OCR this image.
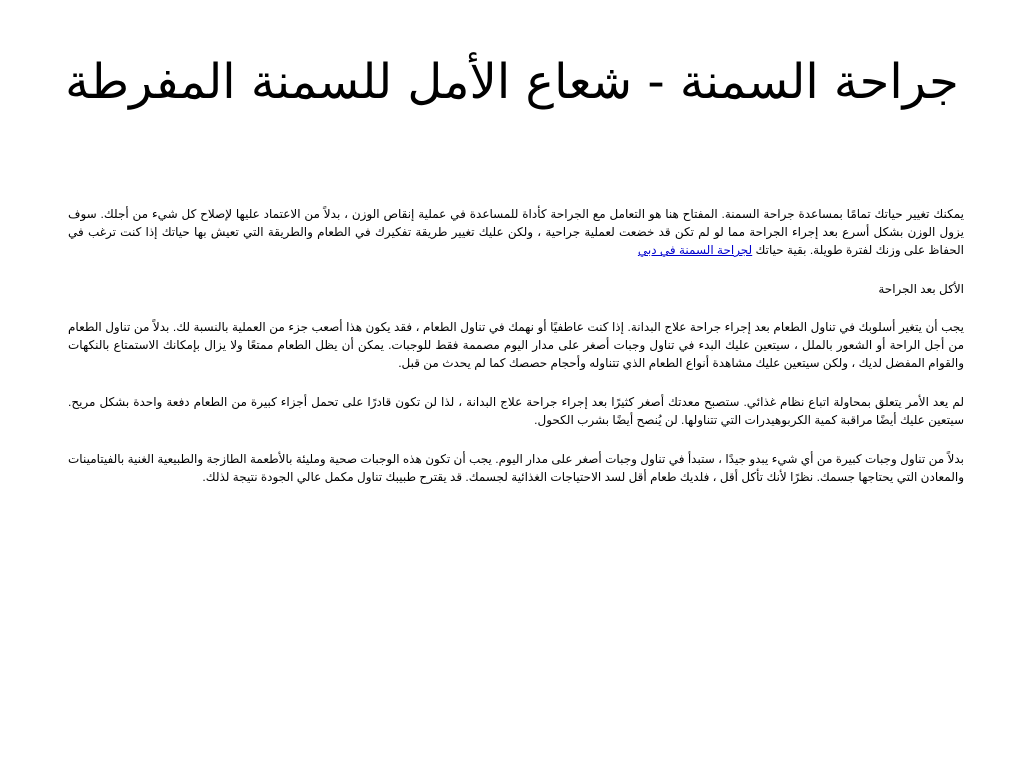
جراحة السمنة - شعاع الأمل للسمنة المفرطة

يمكنك تغيير حياتك تمامًا بمساعدة جراحة السمنة. المفتاح هنا هو التعامل مع الجراحة كأداة للمساعدة في عملية إنقاص الوزن ، بدلاً من الاعتماد عليها لإصلاح كل شيء من أجلك. سوف يزول الوزن بشكل أسرع بعد إجراء الجراحة مما لو لم تكن قد خضعت لعملية جراحية ، ولكن عليك تغيير طريقة تفكيرك في الطعام والطريقة التي تعيش بها حياتك إذا كنت ترغب في الحفاظ على وزنك لفترة طويلة. بقية حياتك لجراحة السمنة في دبي

الأكل بعد الجراحة

يجب أن يتغير أسلوبك في تناول الطعام بعد إجراء جراحة علاج البدانة. إذا كنت عاطفيًا أو نهمك في تناول الطعام ، فقد يكون هذا أصعب جزء من العملية بالنسبة لك. بدلاً من تناول الطعام من أجل الراحة أو الشعور بالملل ، سيتعين عليك البدء في تناول وجبات أصغر على مدار اليوم مصممة فقط للوجبات. يمكن أن يظل الطعام ممتعًا ولا يزال بإمكانك الاستمتاع بالنكهات والقوام المفضل لديك ، ولكن سيتعين عليك مشاهدة أنواع الطعام الذي تتناوله وأحجام حصصك كما لم يحدث من قبل.

لم يعد الأمر يتعلق بمحاولة اتباع نظام غذائي. ستصبح معدتك أصغر كثيرًا بعد إجراء جراحة علاج البدانة ، لذا لن تكون قادرًا على تحمل أجزاء كبيرة من الطعام دفعة واحدة بشكل مريح. سيتعين عليك أيضًا مراقبة كمية الكربوهيدرات التي تتناولها. لن يُنصح أيضًا بشرب الكحول.

بدلاً من تناول وجبات كبيرة من أي شيء يبدو جيدًا ، ستبدأ في تناول وجبات أصغر على مدار اليوم. يجب أن تكون هذه الوجبات صحية ومليئة بالأطعمة الطازجة والطبيعية الغنية بالفيتامينات والمعادن التي يحتاجها جسمك. نظرًا لأنك تأكل أقل ، فلديك طعام أقل لسد الاحتياجات الغذائية لجسمك. قد يقترح طبيبك تناول مكمل عالي الجودة نتيجة لذلك.
